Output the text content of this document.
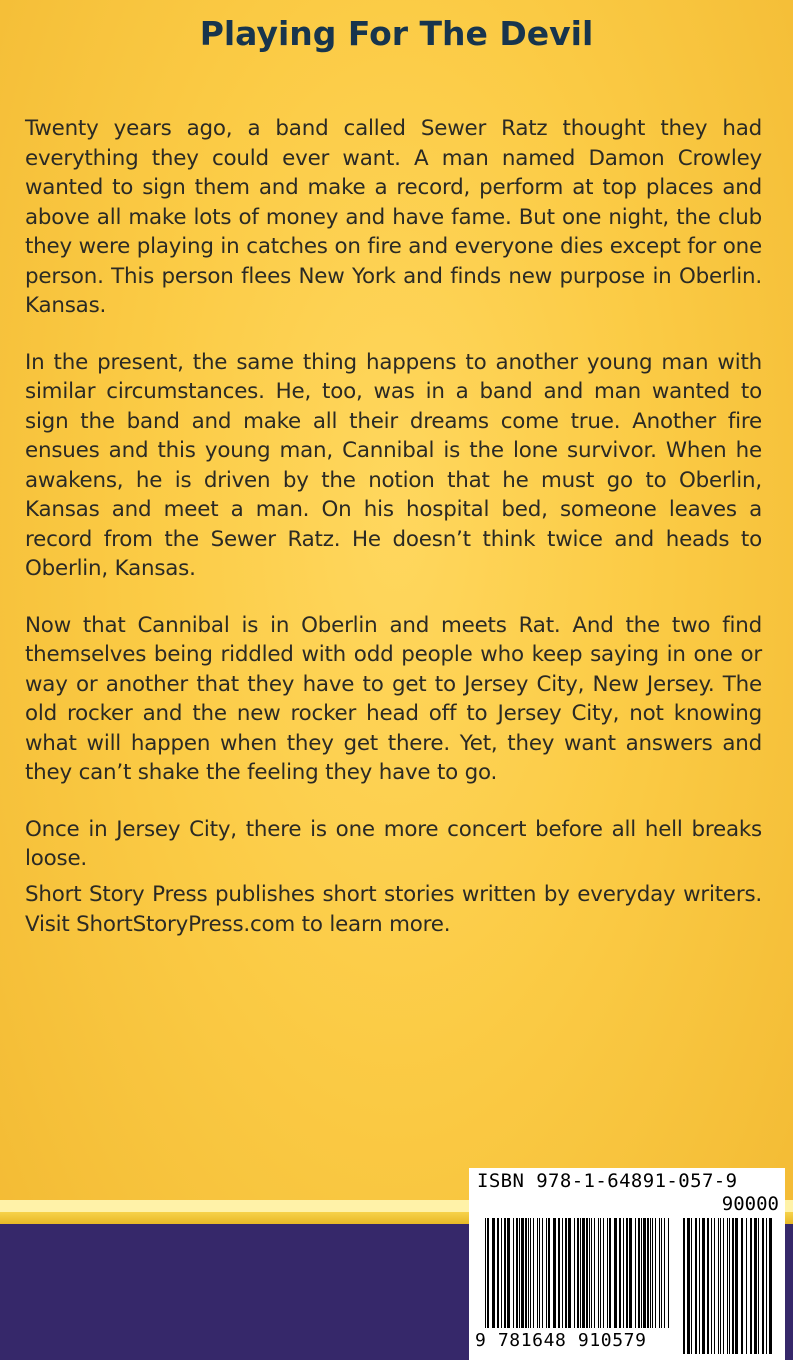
Playing For The Devil

Twenty years ago, a band called Sewer Ratz thought they had everything they could ever want. A man named Damon Crowley wanted to sign them and make a record, perform at top places and above all make lots of money and have fame. But one night, the club they were playing in catches on fire and everyone dies except for one person. This person flees New York and finds new purpose in Oberlin. Kansas.

In the present, the same thing happens to another young man with similar circumstances. He, too, was in a band and man wanted to sign the band and make all their dreams come true. Another fire ensues and this young man, Cannibal is the lone survivor. When he awakens, he is driven by the notion that he must go to Oberlin, Kansas and meet a man. On his hospital bed, someone leaves a record from the Sewer Ratz. He doesn’t think twice and heads to Oberlin, Kansas.

Now that Cannibal is in Oberlin and meets Rat. And the two find themselves being riddled with odd people who keep saying in one or way or another that they have to get to Jersey City, New Jersey. The old rocker and the new rocker head off to Jersey City, not knowing what will happen when they get there. Yet, they want answers and they can’t shake the feeling they have to go.

Once in Jersey City, there is one more concert before all hell breaks loose.

Short Story Press publishes short stories written by everyday writers. Visit ShortStoryPress.com to learn more.

ISBN 978-1-64891-057-9
90000
9 781648 910579
